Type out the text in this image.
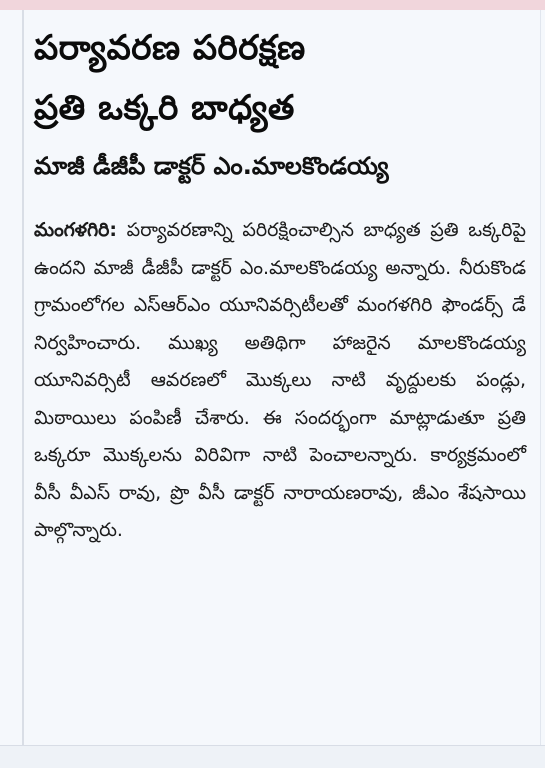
పర్యావరణ పరిరక్షణ
ప్రతి ఒక్కరి బాధ్యత
మాజీ డీజీపీ డాక్టర్ ఎం.మాలకొండయ్య
మంగళగిరి: పర్యావరణాన్ని పరిరక్షించాల్సిన బాధ్యత ప్రతి ఒక్కరిపై ఉందని మాజీ డీజీపీ డాక్టర్ ఎం.మాలకొండయ్య అన్నారు. నీరుకొండ గ్రామంలోగల ఎస్ఆర్ఎం యూనివర్సిటీలతో మంగళగిరి ఫౌండర్స్ డే నిర్వహించారు. ముఖ్య అతిథిగా హాజరైన మాలకొండయ్య యూనివర్సిటీ ఆవరణలో మొక్కలు నాటి వృద్దులకు పండ్లు, మిఠాయిలు పంపిణీ చేశారు. ఈ సందర్భంగా మాట్లాడుతూ ప్రతి ఒక్కరూ మొక్కలను విరివిగా నాటి పెంచాలన్నారు. కార్యక్రమంలో వీసీ వీఎస్ రావు, ప్రొ వీసీ డాక్టర్ నారాయణరావు, జీఎం శేషసాయి పాల్గొన్నారు.
